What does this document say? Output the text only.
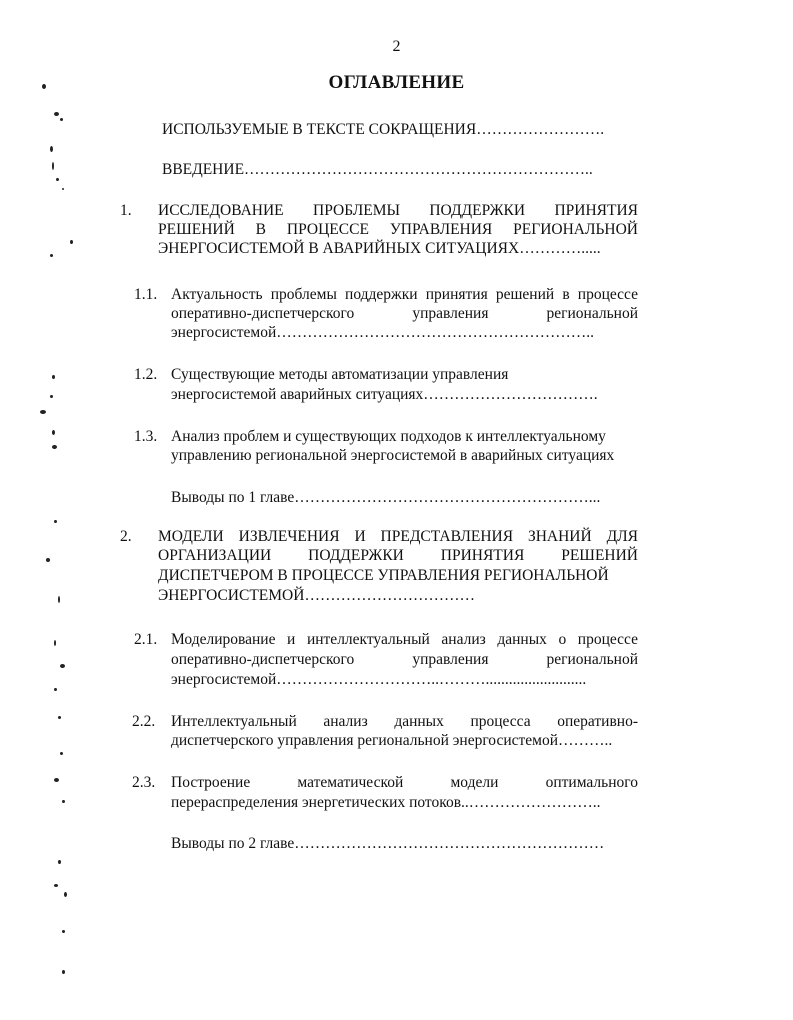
2
ОГЛАВЛЕНИЕ
ИСПОЛЬЗУЕМЫЕ В ТЕКСТЕ СОКРАЩЕНИЯ…………………….
ВВЕДЕНИЕ…………………………………………………………..
1. ИССЛЕДОВАНИЕ ПРОБЛЕМЫ ПОДДЕРЖКИ ПРИНЯТИЯ
РЕШЕНИЙ В ПРОЦЕССЕ УПРАВЛЕНИЯ РЕГИОНАЛЬНОЙ
ЭНЕРГОСИСТЕМОЙ В АВАРИЙНЫХ СИТУАЦИЯХ………….....
1.1. Актуальность проблемы поддержки принятия решений в процессе
оперативно-диспетчерского управления региональной
энергосистемой……………………………………………………..
1.2. Существующие методы автоматизации управления
энергосистемой аварийных ситуациях…………………………….
1.3. Анализ проблем и существующих подходов к интеллектуальному
управлению региональной энергосистемой в аварийных ситуациях
Выводы по 1 главе…………………………………………………...
2. МОДЕЛИ ИЗВЛЕЧЕНИЯ И ПРЕДСТАВЛЕНИЯ ЗНАНИЙ ДЛЯ
ОРГАНИЗАЦИИ ПОДДЕРЖКИ ПРИНЯТИЯ РЕШЕНИЙ
ДИСПЕТЧЕРОМ В ПРОЦЕССЕ УПРАВЛЕНИЯ РЕГИОНАЛЬНОЙ
ЭНЕРГОСИСТЕМОЙ……………………………
2.1. Моделирование и интеллектуальный анализ данных о процессе
оперативно-диспетчерского управления региональной
энергосистемой…………………………..………..........................
2.2. Интеллектуальный анализ данных процесса оперативно-
диспетчерского управления региональной энергосистемой………..
2.3. Построение математической модели оптимального
перераспределения энергетических потоков..……………………..
Выводы по 2 главе……………………………………………………
